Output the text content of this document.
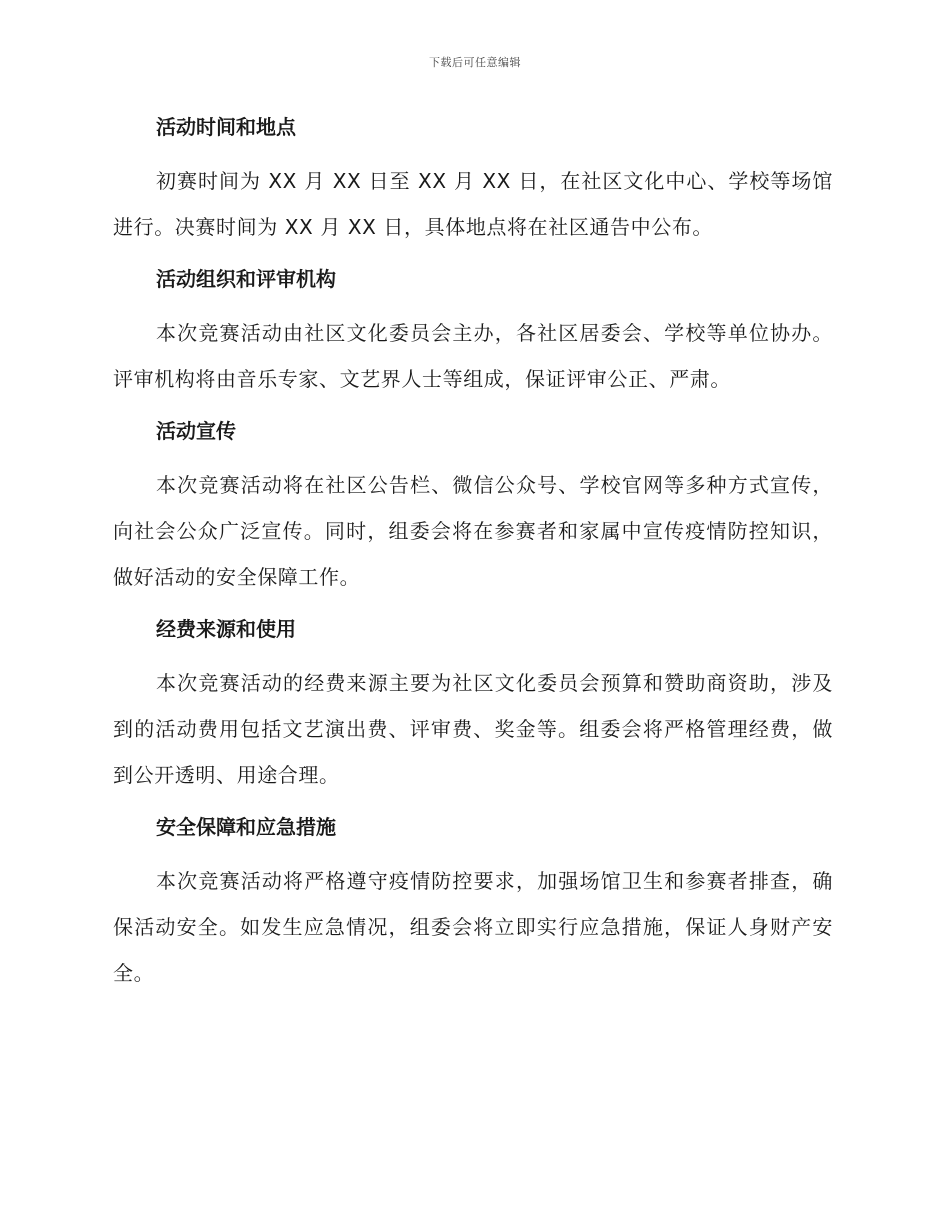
下载后可任意编辑
活动时间和地点

初赛时间为 XX 月 XX 日至 XX 月 XX 日，在社区文化中心、学校等场馆进行。决赛时间为 XX 月 XX 日，具体地点将在社区通告中公布。

活动组织和评审机构

本次竞赛活动由社区文化委员会主办，各社区居委会、学校等单位协办。评审机构将由音乐专家、文艺界人士等组成，保证评审公正、严肃。

活动宣传

本次竞赛活动将在社区公告栏、微信公众号、学校官网等多种方式宣传，向社会公众广泛宣传。同时，组委会将在参赛者和家属中宣传疫情防控知识，做好活动的安全保障工作。

经费来源和使用

本次竞赛活动的经费来源主要为社区文化委员会预算和赞助商资助，涉及到的活动费用包括文艺演出费、评审费、奖金等。组委会将严格管理经费，做到公开透明、用途合理。

安全保障和应急措施

本次竞赛活动将严格遵守疫情防控要求，加强场馆卫生和参赛者排查，确保活动安全。如发生应急情况，组委会将立即实行应急措施，保证人身财产安全。
